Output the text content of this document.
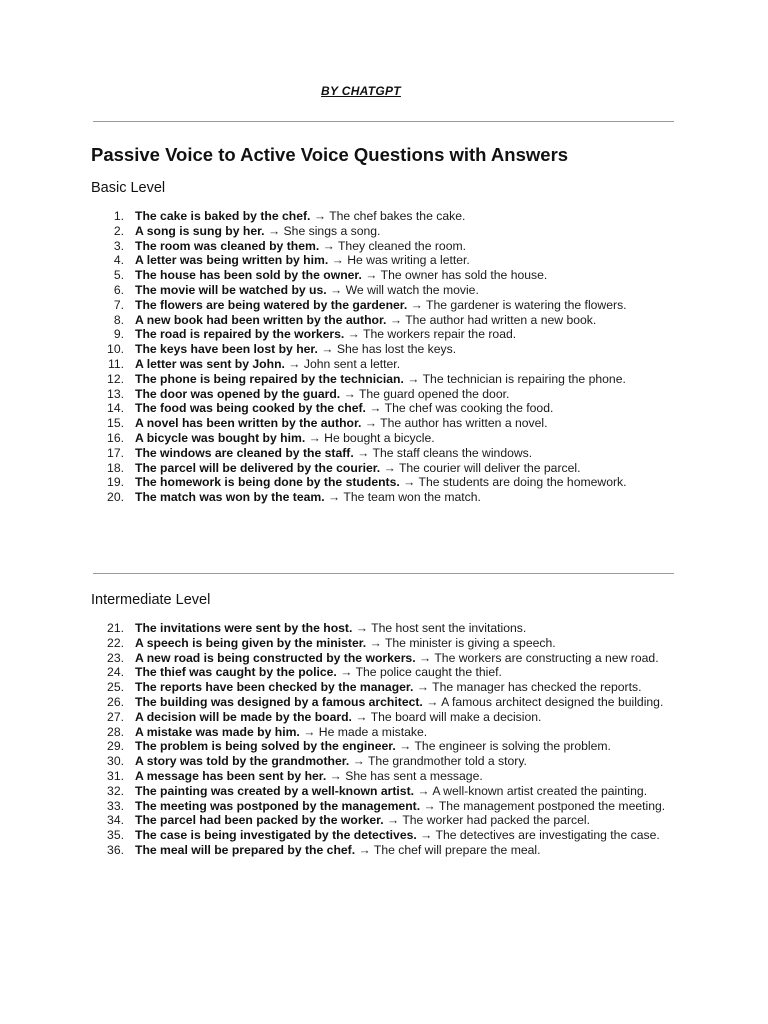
BY CHATGPT
Passive Voice to Active Voice Questions with Answers
Basic Level
1. The cake is baked by the chef. → The chef bakes the cake.
2. A song is sung by her. → She sings a song.
3. The room was cleaned by them. → They cleaned the room.
4. A letter was being written by him. → He was writing a letter.
5. The house has been sold by the owner. → The owner has sold the house.
6. The movie will be watched by us. → We will watch the movie.
7. The flowers are being watered by the gardener. → The gardener is watering the flowers.
8. A new book had been written by the author. → The author had written a new book.
9. The road is repaired by the workers. → The workers repair the road.
10. The keys have been lost by her. → She has lost the keys.
11. A letter was sent by John. → John sent a letter.
12. The phone is being repaired by the technician. → The technician is repairing the phone.
13. The door was opened by the guard. → The guard opened the door.
14. The food was being cooked by the chef. → The chef was cooking the food.
15. A novel has been written by the author. → The author has written a novel.
16. A bicycle was bought by him. → He bought a bicycle.
17. The windows are cleaned by the staff. → The staff cleans the windows.
18. The parcel will be delivered by the courier. → The courier will deliver the parcel.
19. The homework is being done by the students. → The students are doing the homework.
20. The match was won by the team. → The team won the match.
Intermediate Level
21. The invitations were sent by the host. → The host sent the invitations.
22. A speech is being given by the minister. → The minister is giving a speech.
23. A new road is being constructed by the workers. → The workers are constructing a new road.
24. The thief was caught by the police. → The police caught the thief.
25. The reports have been checked by the manager. → The manager has checked the reports.
26. The building was designed by a famous architect. → A famous architect designed the building.
27. A decision will be made by the board. → The board will make a decision.
28. A mistake was made by him. → He made a mistake.
29. The problem is being solved by the engineer. → The engineer is solving the problem.
30. A story was told by the grandmother. → The grandmother told a story.
31. A message has been sent by her. → She has sent a message.
32. The painting was created by a well-known artist. → A well-known artist created the painting.
33. The meeting was postponed by the management. → The management postponed the meeting.
34. The parcel had been packed by the worker. → The worker had packed the parcel.
35. The case is being investigated by the detectives. → The detectives are investigating the case.
36. The meal will be prepared by the chef. → The chef will prepare the meal.
